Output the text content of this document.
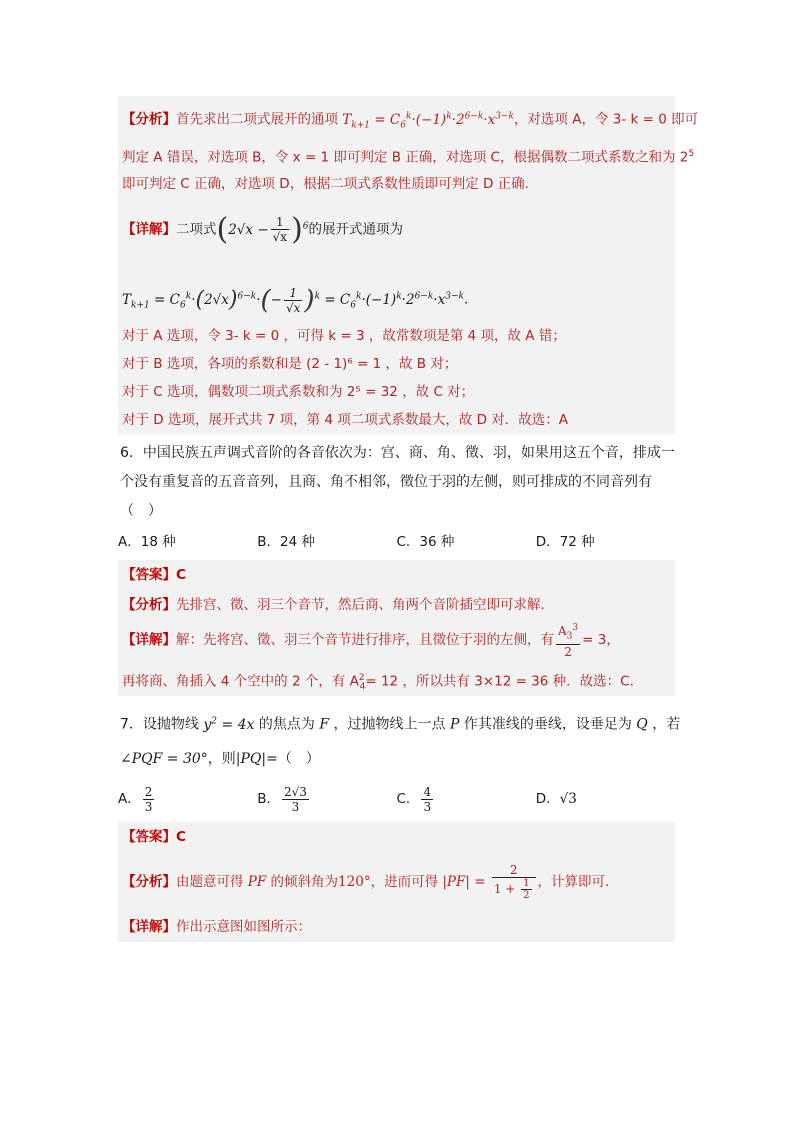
【分析】首先求出二项式展开的通项 $T_{k+1} = C_6^k\cdot(-1)^k\cdot 2^{6-k}\cdot x^{3-k}$，对选项 A，令 3- k = 0 即可
判定 A 错误，对选项 B，令 x = 1 即可判定 B 正确，对选项 C，根据偶数二项式系数之和为 $2^5$
即可判定 C 正确，对选项 D，根据二项式系数性质即可判定 D 正确.
【详解】二项式$(2√x - \frac{1}{√x} )^6$的展开式通项为
$T_{k+1} = C_6^k\cdot(2√x)^{6-k}\cdot(- \frac{1}{√x} )^k = C_6^k\cdot(-1)^k\cdot 2^{6-k}\cdot x^{3-k}$.
对于 A 选项，令 3- k = 0 ，可得 k = 3 ，故常数项是第 4 项，故 A 错；
对于 B 选项，各项的系数和是 (2 - 1)⁶ = 1 ，故 B 对；
对于 C 选项，偶数项二项式系数和为 2⁵ = 32 ，故 C 对；
对于 D 选项，展开式共 7 项，第 4 项二项式系数最大，故 D 对．故选：A
6．中国民族五声调式音阶的各音依次为：宫、商、角、徵、羽，如果用这五个音，排成一
个没有重复音的五音音列，且商、角不相邻，徵位于羽的左侧，则可排成的不同音列有
（　）
A．18 种	B．24 种	C．36 种	D．72 种
【答案】C
【分析】先排宫、徵、羽三个音节，然后商、角两个音阶插空即可求解.
【详解】解：先将宫、徵、羽三个音节进行排序，且徵位于羽的左侧，有 $\frac{A_3^3}{2} = 3$，
再将商、角插入 4 个空中的 2 个，有 $A^2_4= 12$ ，所以共有 3×12 = 36 种．故选：C．
7．设抛物线 $y^2 = 4x$ 的焦点为 F ，过抛物线上一点 P 作其准线的垂线，设垂足为 Q ，若
∠PQF = 30°，则|PQ|=（　）
A． $\frac{2}{3}$	B． $\frac{2√3}{3}$	C． $\frac{4}{3}$	D．√3
【答案】C
【分析】由题意可得 PF 的倾斜角为120°，进而可得 $|PF| = \frac{2}{1 + \frac{1}{2}}$ ，计算即可.
【详解】作出示意图如图所示：
